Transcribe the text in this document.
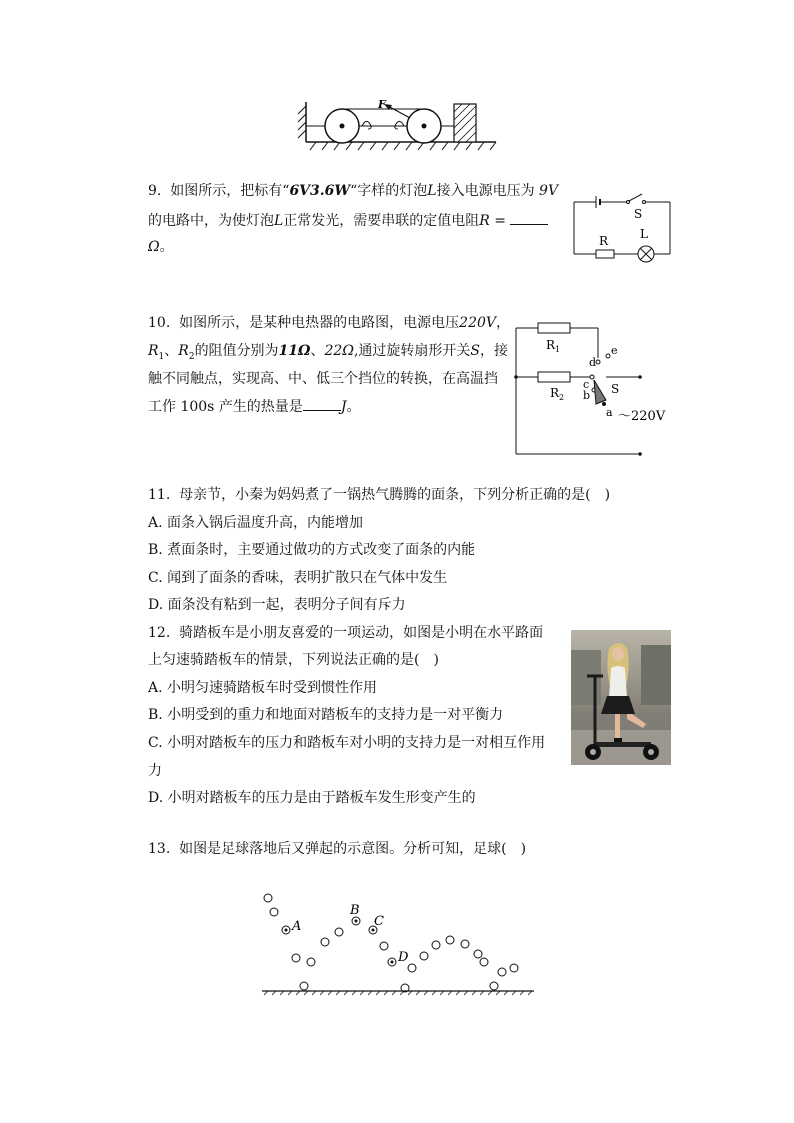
F
9. 如图所示，把标有“6V3.6W“字样的灯泡L接入电源电压为 9V
的电路中，为使灯泡L正常发光，需要串联的定值电阻R =
Ω。
S
R	L
10. 如图所示，是某种电热器的电路图，电源电压220V，
$R_1$、$R_2$的阻值分别为11Ω、22Ω,通过旋转扇形开关S，接
触不同触点，实现高、中、低三个挡位的转换，在高温挡
工作 100s 产生的热量是	J。
R 1
d
e
R 2
c
b S
a ～220V
11. 母亲节，小秦为妈妈煮了一锅热气腾腾的面条，下列分析正确的是(　)
A. 面条入锅后温度升高，内能增加
B. 煮面条时，主要通过做功的方式改变了面条的内能
C. 闻到了面条的香味，表明扩散只在气体中发生
D. 面条没有粘到一起，表明分子间有斥力
12. 骑踏板车是小朋友喜爱的一项运动，如图是小明在水平路面
上匀速骑踏板车的情景，下列说法正确的是(　)
A. 小明匀速骑踏板车时受到惯性作用
B. 小明受到的重力和地面对踏板车的支持力是一对平衡力
C. 小明对踏板车的压力和踏板车对小明的支持力是一对相互作用
力
D. 小明对踏板车的压力是由于踏板车发生形变产生的
13. 如图是足球落地后又弹起的示意图。分析可知，足球(　)
A
B
C
D
